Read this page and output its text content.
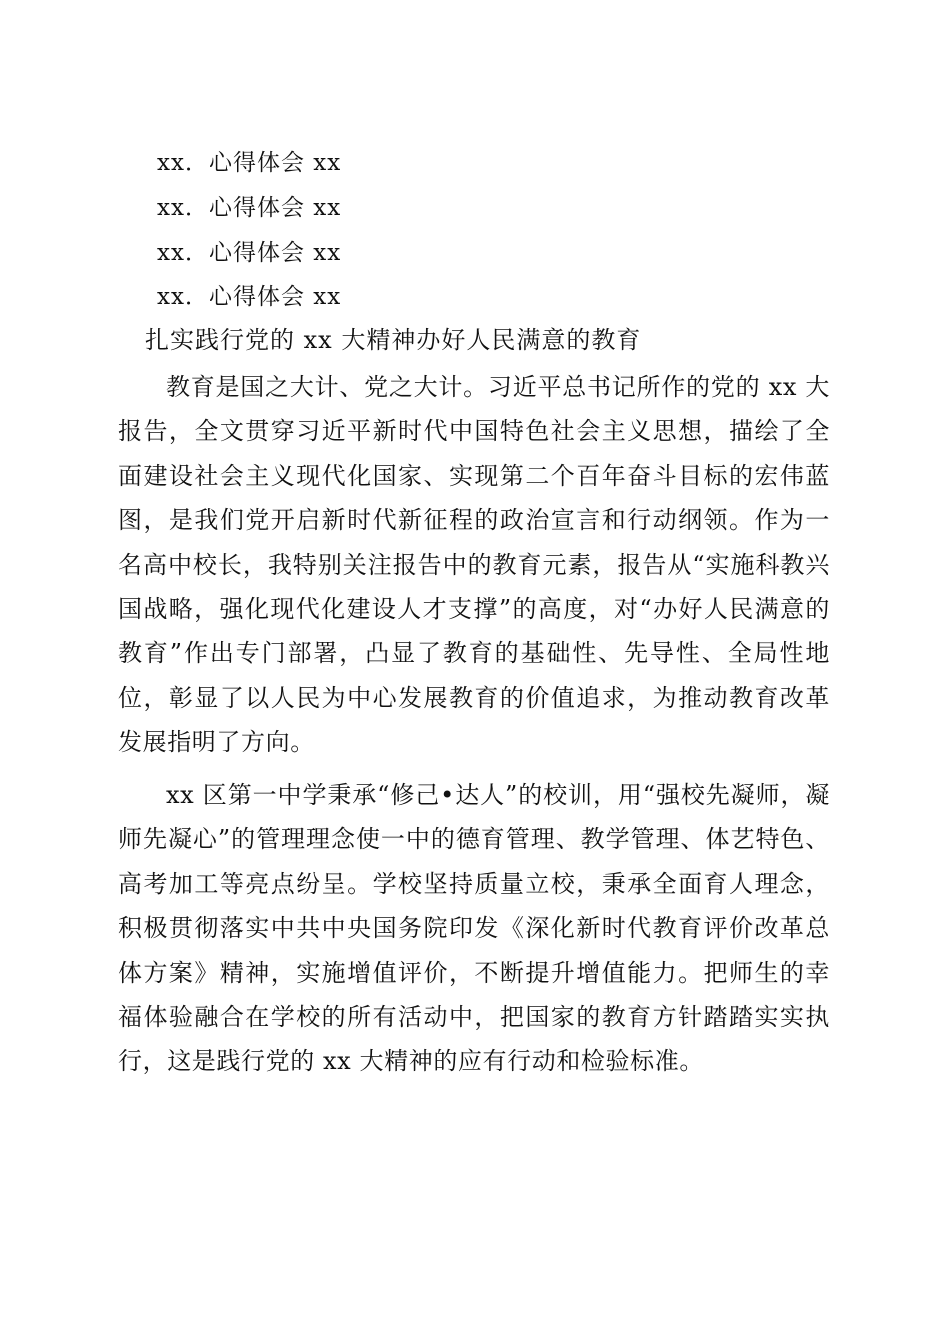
xx．心得体会 xx
xx．心得体会 xx
xx．心得体会 xx
xx．心得体会 xx
扎实践行党的 xx 大精神办好人民满意的教育

教育是国之大计、党之大计。习近平总书记所作的党的 xx 大报告，全文贯穿习近平新时代中国特色社会主义思想，描绘了全面建设社会主义现代化国家、实现第二个百年奋斗目标的宏伟蓝图，是我们党开启新时代新征程的政治宣言和行动纲领。作为一名高中校长，我特别关注报告中的教育元素，报告从“实施科教兴国战略，强化现代化建设人才支撑”的高度，对“办好人民满意的教育”作出专门部署，凸显了教育的基础性、先导性、全局性地位，彰显了以人民为中心发展教育的价值追求，为推动教育改革发展指明了方向。

xx 区第一中学秉承“修己•达人”的校训，用“强校先凝师，凝师先凝心”的管理理念使一中的德育管理、教学管理、体艺特色、高考加工等亮点纷呈。学校坚持质量立校，秉承全面育人理念，积极贯彻落实中共中央国务院印发《深化新时代教育评价改革总体方案》精神，实施增值评价，不断提升增值能力。把师生的幸福体验融合在学校的所有活动中，把国家的教育方针踏踏实实执行，这是践行党的 xx 大精神的应有行动和检验标准。
